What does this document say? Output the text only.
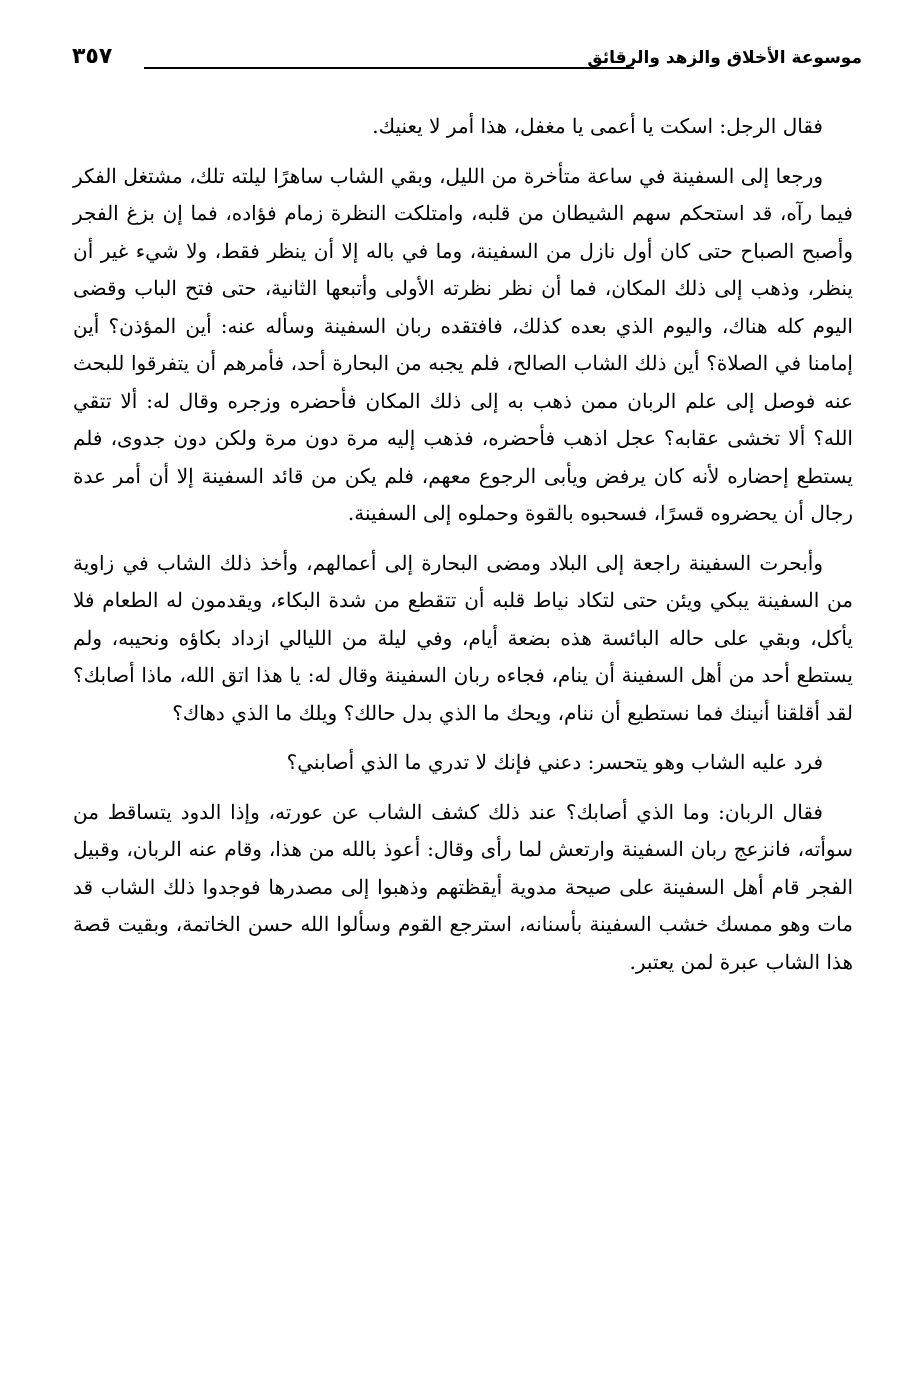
موسوعة الأخلاق والزهد والرقائق
٣٥٧

فقال الرجل: اسكت يا أعمى يا مغفل، هذا أمر لا يعنيك.

ورجعا إلى السفينة في ساعة متأخرة من الليل، وبقي الشاب ساهرًا ليلته تلك، مشتغل الفكر فيما رآه، قد استحكم سهم الشيطان من قلبه، وامتلكت النظرة زمام فؤاده، فما إن بزغ الفجر وأصبح الصباح حتى كان أول نازل من السفينة، وما في باله إلا أن ينظر فقط، ولا شيء غير أن ينظر، وذهب إلى ذلك المكان، فما أن نظر نظرته الأولى وأتبعها الثانية، حتى فتح الباب وقضى اليوم كله هناك، واليوم الذي بعده كذلك، فافتقده ربان السفينة وسأله عنه: أين المؤذن؟ أين إمامنا في الصلاة؟ أين ذلك الشاب الصالح، فلم يجبه من البحارة أحد، فأمرهم أن يتفرقوا للبحث عنه فوصل إلى علم الربان ممن ذهب به إلى ذلك المكان فأحضره وزجره وقال له: ألا تتقي الله؟ ألا تخشى عقابه؟ عجل اذهب فأحضره، فذهب إليه مرة دون مرة ولكن دون جدوى، فلم يستطع إحضاره لأنه كان يرفض ويأبى الرجوع معهم، فلم يكن من قائد السفينة إلا أن أمر عدة رجال أن يحضروه قسرًا، فسحبوه بالقوة وحملوه إلى السفينة.

وأبحرت السفينة راجعة إلى البلاد ومضى البحارة إلى أعمالهم، وأخذ ذلك الشاب في زاوية من السفينة يبكي ويئن حتى لتكاد نياط قلبه أن تتقطع من شدة البكاء، ويقدمون له الطعام فلا يأكل، وبقي على حاله البائسة هذه بضعة أيام، وفي ليلة من الليالي ازداد بكاؤه ونحيبه، ولم يستطع أحد من أهل السفينة أن ينام، فجاءه ربان السفينة وقال له: يا هذا اتق الله، ماذا أصابك؟ لقد أقلقنا أنينك فما نستطيع أن ننام، ويحك ما الذي بدل حالك؟ ويلك ما الذي دهاك؟

فرد عليه الشاب وهو يتحسر: دعني فإنك لا تدري ما الذي أصابني؟

فقال الربان: وما الذي أصابك؟ عند ذلك كشف الشاب عن عورته، وإذا الدود يتساقط من سوأته، فانزعج ربان السفينة وارتعش لما رأى وقال: أعوذ بالله من هذا، وقام عنه الربان، وقبيل الفجر قام أهل السفينة على صيحة مدوية أيقظتهم وذهبوا إلى مصدرها فوجدوا ذلك الشاب قد مات وهو ممسك خشب السفينة بأسنانه، استرجع القوم وسألوا الله حسن الخاتمة، وبقيت قصة هذا الشاب عبرة لمن يعتبر.
